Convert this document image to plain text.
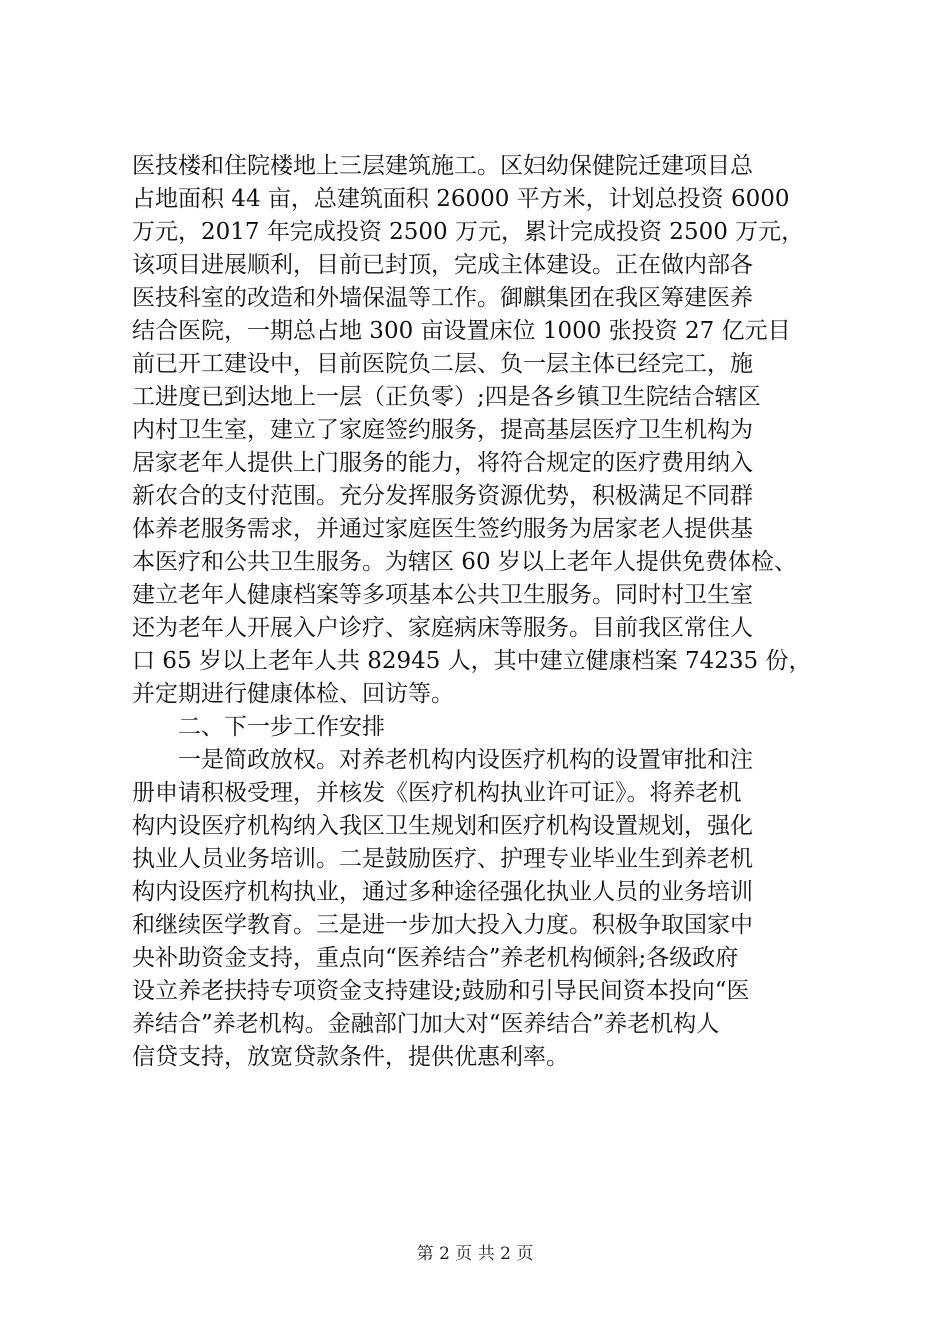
医技楼和住院楼地上三层建筑施工。区妇幼保健院迁建项目总
占地面积 44 亩，总建筑面积 26000 平方米，计划总投资 6000
万元，2017 年完成投资 2500 万元，累计完成投资 2500 万元，
该项目进展顺利，目前已封顶，完成主体建设。正在做内部各
医技科室的改造和外墙保温等工作。御麒集团在我区筹建医养
结合医院，一期总占地 300 亩设置床位 1000 张投资 27 亿元目
前已开工建设中，目前医院负二层、负一层主体已经完工，施
工进度已到达地上一层（正负零）;四是各乡镇卫生院结合辖区
内村卫生室，建立了家庭签约服务，提高基层医疗卫生机构为
居家老年人提供上门服务的能力，将符合规定的医疗费用纳入
新农合的支付范围。充分发挥服务资源优势，积极满足不同群
体养老服务需求，并通过家庭医生签约服务为居家老人提供基
本医疗和公共卫生服务。为辖区 60 岁以上老年人提供免费体检、
建立老年人健康档案等多项基本公共卫生服务。同时村卫生室
还为老年人开展入户诊疗、家庭病床等服务。目前我区常住人
口 65 岁以上老年人共 82945 人，其中建立健康档案 74235 份，
并定期进行健康体检、回访等。
二、下一步工作安排
一是简政放权。对养老机构内设医疗机构的设置审批和注
册申请积极受理，并核发《医疗机构执业许可证》。将养老机
构内设医疗机构纳入我区卫生规划和医疗机构设置规划，强化
执业人员业务培训。二是鼓励医疗、护理专业毕业生到养老机
构内设医疗机构执业，通过多种途径强化执业人员的业务培训
和继续医学教育。三是进一步加大投入力度。积极争取国家中
央补助资金支持，重点向“医养结合”养老机构倾斜;各级政府
设立养老扶持专项资金支持建设;鼓励和引导民间资本投向“医
养结合”养老机构。金融部门加大对“医养结合”养老机构人
信贷支持，放宽贷款条件，提供优惠利率。
第 2 页 共 2 页
